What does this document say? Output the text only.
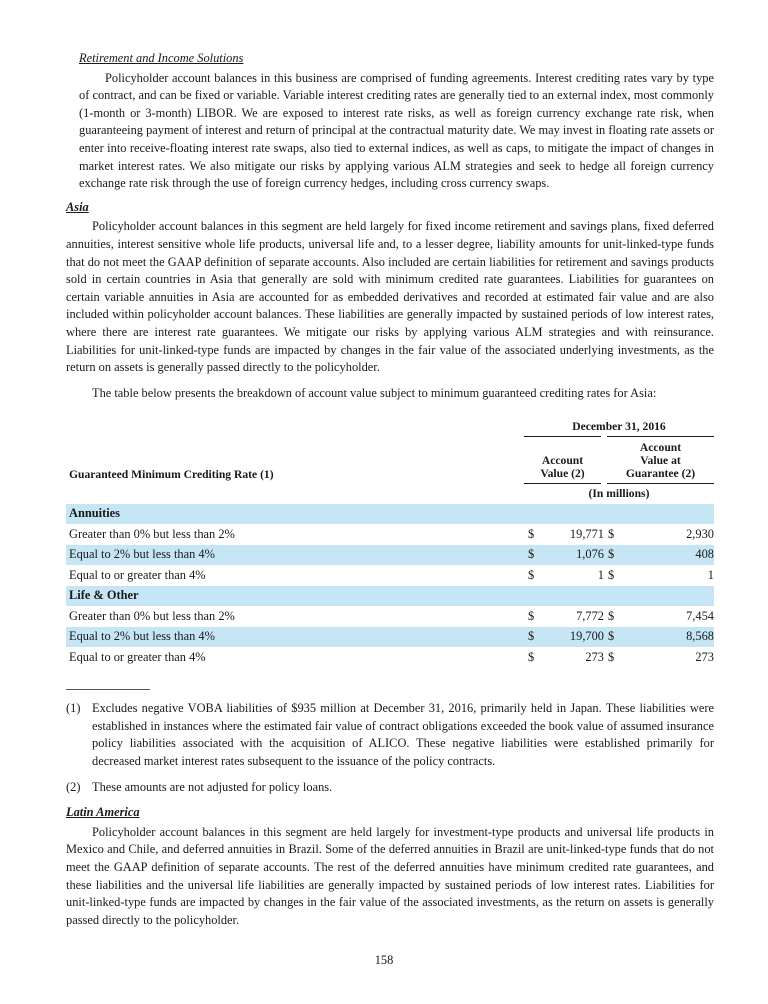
Retirement and Income Solutions

Policyholder account balances in this business are comprised of funding agreements. Interest crediting rates vary by type of contract, and can be fixed or variable. Variable interest crediting rates are generally tied to an external index, most commonly (1-month or 3-month) LIBOR. We are exposed to interest rate risks, as well as foreign currency exchange rate risk, when guaranteeing payment of interest and return of principal at the contractual maturity date. We may invest in floating rate assets or enter into receive-floating interest rate swaps, also tied to external indices, as well as caps, to mitigate the impact of changes in market interest rates. We also mitigate our risks by applying various ALM strategies and seek to hedge all foreign currency exchange rate risk through the use of foreign currency hedges, including cross currency swaps.

Asia

Policyholder account balances in this segment are held largely for fixed income retirement and savings plans, fixed deferred annuities, interest sensitive whole life products, universal life and, to a lesser degree, liability amounts for unit-linked-type funds that do not meet the GAAP definition of separate accounts. Also included are certain liabilities for retirement and savings products sold in certain countries in Asia that generally are sold with minimum credited rate guarantees. Liabilities for guarantees on certain variable annuities in Asia are accounted for as embedded derivatives and recorded at estimated fair value and are also included within policyholder account balances. These liabilities are generally impacted by sustained periods of low interest rates, where there are interest rate guarantees. We mitigate our risks by applying various ALM strategies and with reinsurance. Liabilities for unit-linked-type funds are impacted by changes in the fair value of the associated underlying investments, as the return on assets is generally passed directly to the policyholder.

The table below presents the breakdown of account value subject to minimum guaranteed crediting rates for Asia:

	December 31, 2016			
Guaranteed Minimum Crediting Rate (1)	
Account
Value (2)

Account
Value at
Guarantee (2)

	(In millions)			
Annuities				
Greater than 0% but less than 2%	$	19,771	$	2,930
Equal to 2% but less than 4%	$	1,076	$	408
Equal to or greater than 4%	$	1	$	1
Life & Other				
Greater than 0% but less than 2%	$	7,772	$	7,454
Equal to 2% but less than 4%	$	19,700	$	8,568
Equal to or greater than 4%	$	273	$	273
(1) Excludes negative VOBA liabilities of $935 million at December 31, 2016, primarily held in Japan. These liabilities were established in instances where the estimated fair value of contract obligations exceeded the book value of assumed insurance policy liabilities associated with the acquisition of ALICO. These negative liabilities were established primarily for decreased market interest rates subsequent to the issuance of the policy contracts.
(2) These amounts are not adjusted for policy loans.
Latin America

Policyholder account balances in this segment are held largely for investment-type products and universal life products in Mexico and Chile, and deferred annuities in Brazil. Some of the deferred annuities in Brazil are unit-linked-type funds that do not meet the GAAP definition of separate accounts. The rest of the deferred annuities have minimum credited rate guarantees, and these liabilities and the universal life liabilities are generally impacted by sustained periods of low interest rates. Liabilities for unit-linked-type funds are impacted by changes in the fair value of the associated investments, as the return on assets is generally passed directly to the policyholder.

158
